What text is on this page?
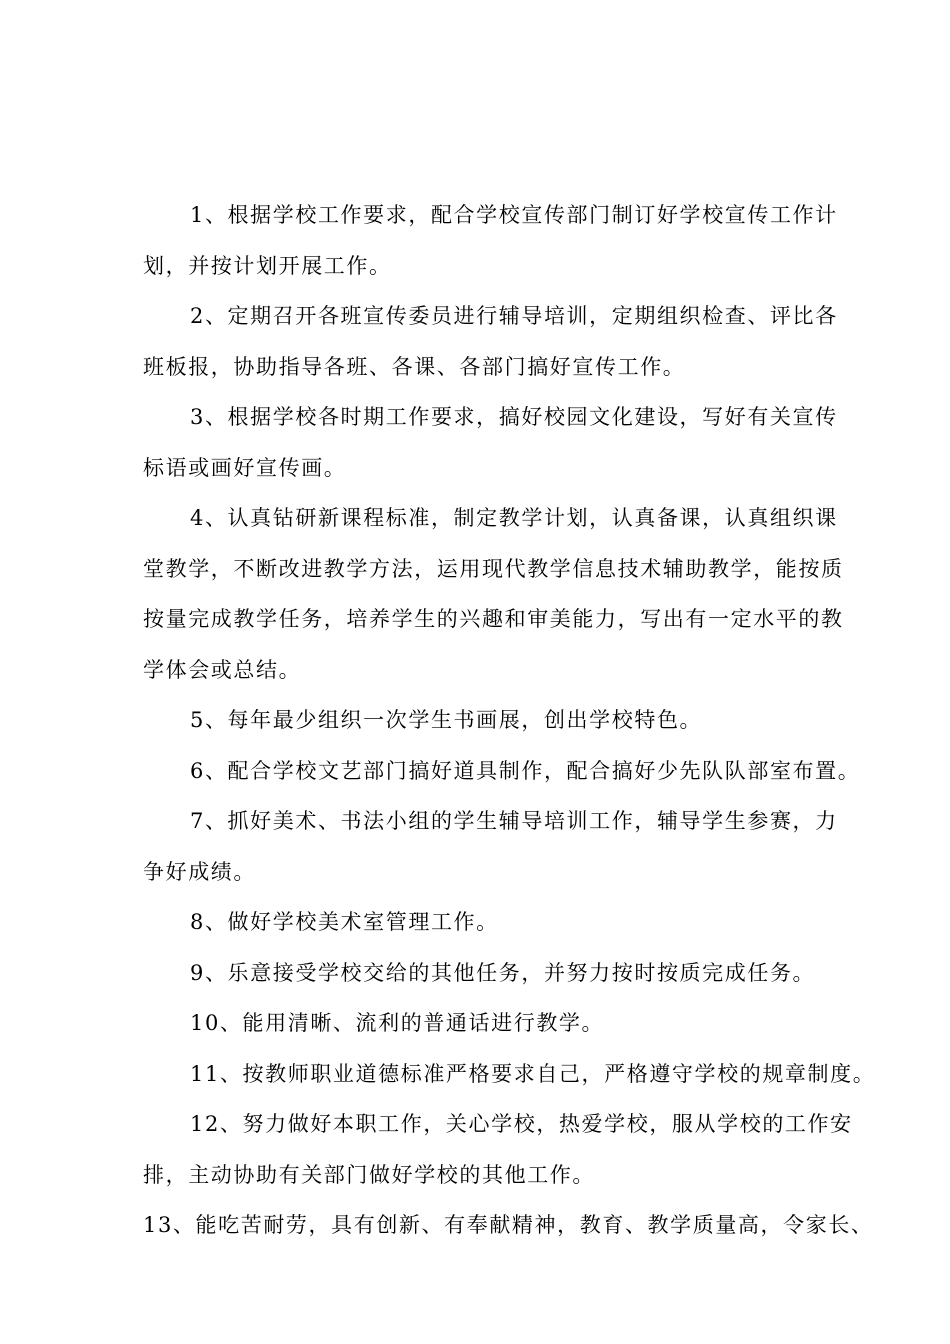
1、根据学校工作要求，配合学校宣传部门制订好学校宣传工作计
划，并按计划开展工作。

2、定期召开各班宣传委员进行辅导培训，定期组织检查、评比各
班板报，协助指导各班、各课、各部门搞好宣传工作。

3、根据学校各时期工作要求，搞好校园文化建设，写好有关宣传
标语或画好宣传画。

4、认真钻研新课程标准，制定教学计划，认真备课，认真组织课
堂教学，不断改进教学方法，运用现代教学信息技术辅助教学，能按质
按量完成教学任务，培养学生的兴趣和审美能力，写出有一定水平的教
学体会或总结。

5、每年最少组织一次学生书画展，创出学校特色。

6、配合学校文艺部门搞好道具制作，配合搞好少先队队部室布置。

7、抓好美术、书法小组的学生辅导培训工作，辅导学生参赛，力
争好成绩。

8、做好学校美术室管理工作。

9、乐意接受学校交给的其他任务，并努力按时按质完成任务。

10、能用清晰、流利的普通话进行教学。

11、按教师职业道德标准严格要求自己，严格遵守学校的规章制度。

12、努力做好本职工作，关心学校，热爱学校，服从学校的工作安
排，主动协助有关部门做好学校的其他工作。

13、能吃苦耐劳，具有创新、有奉献精神，教育、教学质量高，令家长、
